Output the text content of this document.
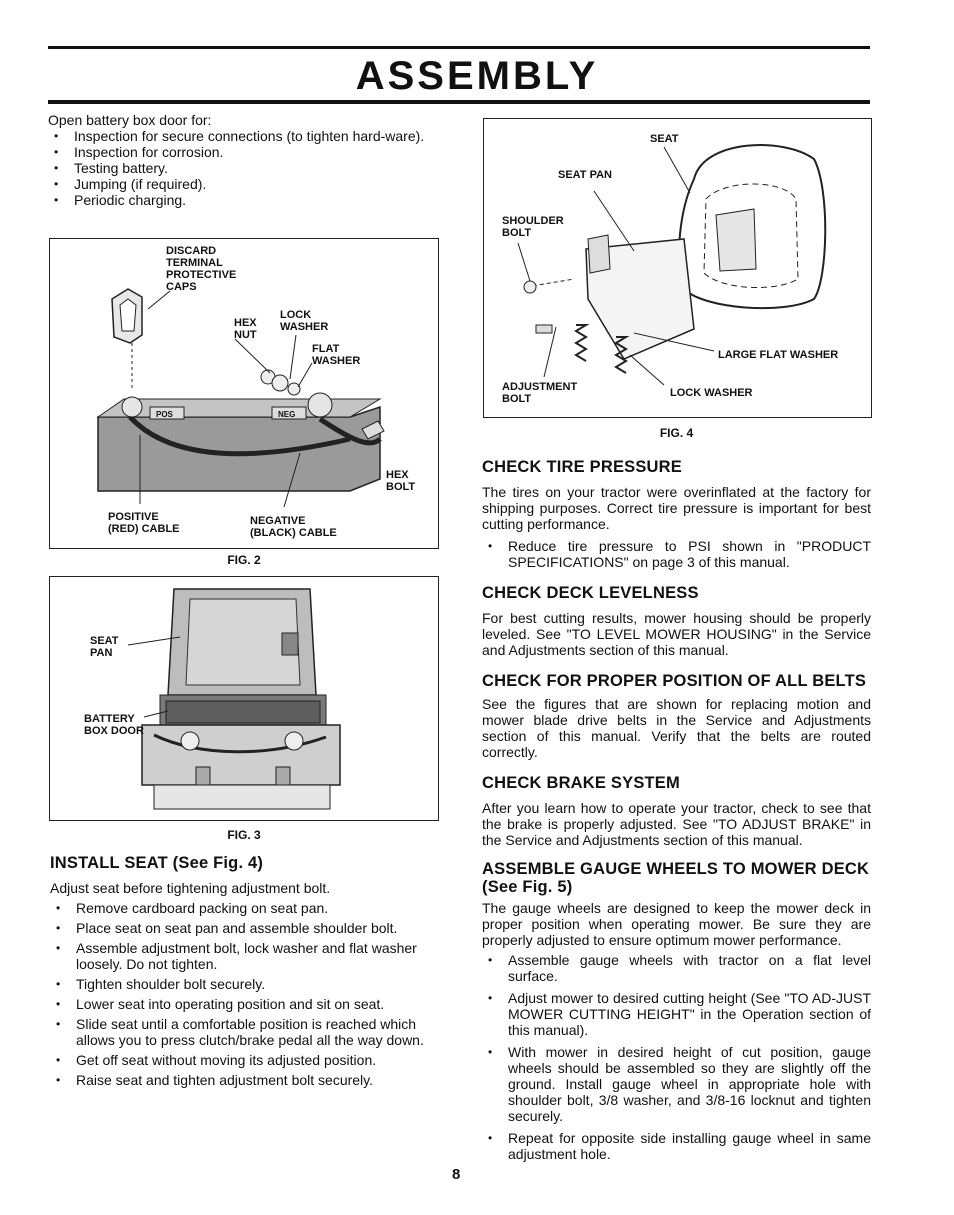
ASSEMBLY
Open battery box door for:
• Inspection for secure connections (to tighten hard-ware).
• Inspection for corrosion.
• Testing battery.
• Jumping (if required).
• Periodic charging.
DISCARD
TERMINAL
PROTECTIVE
CAPS
LOCK
WASHER
HEX
NUT
FLAT
WASHER
HEX
BOLT
POSITIVE
(RED) CABLE
NEGATIVE
(BLACK) CABLE
POS	NEG
FIG. 2
SEAT
PAN
BATTERY
BOX DOOR
FIG. 3
INSTALL SEAT (See Fig. 4)
Adjust seat before tightening adjustment bolt.
• Remove cardboard packing on seat pan.
• Place seat on seat pan and assemble shoulder bolt.
• Assemble adjustment bolt, lock washer and flat washer loosely. Do not tighten.
• Tighten shoulder bolt securely.
• Lower seat into operating position and sit on seat.
• Slide seat until a comfortable position is reached which allows you to press clutch/brake pedal all the way down.
• Get off seat without moving its adjusted position.
• Raise seat and tighten adjustment bolt securely.
SEAT
SEAT PAN
SHOULDER
BOLT
LARGE FLAT WASHER
ADJUSTMENT
BOLT	LOCK WASHER
FIG. 4
CHECK TIRE PRESSURE
The tires on your tractor were overinflated at the factory for shipping purposes. Correct tire pressure is important for best cutting performance.
• Reduce tire pressure to PSI shown in "PRODUCT SPECIFICATIONS" on page 3 of this manual.
CHECK DECK LEVELNESS
For best cutting results, mower housing should be properly leveled. See "TO LEVEL MOWER HOUSING" in the Service and Adjustments section of this manual.
CHECK FOR PROPER POSITION OF ALL BELTS
See the figures that are shown for replacing motion and mower blade drive belts in the Service and Adjustments section of this manual. Verify that the belts are routed correctly.
CHECK BRAKE SYSTEM
After you learn how to operate your tractor, check to see that the brake is properly adjusted. See "TO ADJUST BRAKE" in the Service and Adjustments section of this manual.
ASSEMBLE GAUGE WHEELS TO MOWER DECK (See Fig. 5)
The gauge wheels are designed to keep the mower deck in proper position when operating mower. Be sure they are properly adjusted to ensure optimum mower performance.
• Assemble gauge wheels with tractor on a flat level surface.
• Adjust mower to desired cutting height (See "TO AD-JUST MOWER CUTTING HEIGHT" in the Operation section of this manual).
• With mower in desired height of cut position, gauge wheels should be assembled so they are slightly off the ground. Install gauge wheel in appropriate hole with shoulder bolt, 3/8 washer, and 3/8-16 locknut and tighten securely.
• Repeat for opposite side installing gauge wheel in same adjustment hole.
8
